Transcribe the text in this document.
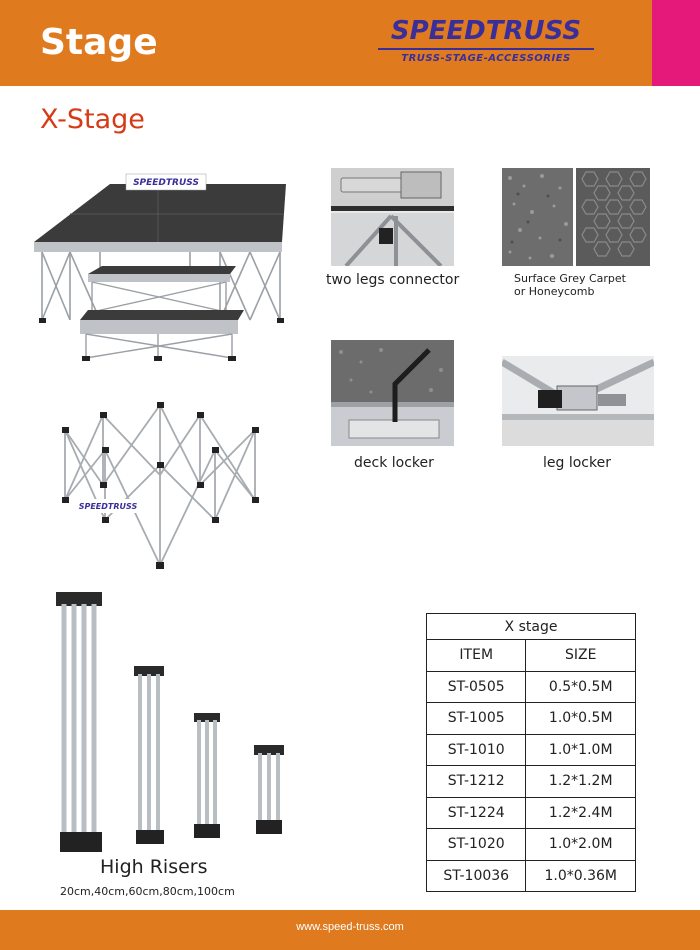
Stage	SPEEDTRUSS
TRUSS-STAGE-ACCESSORIES
X-Stage
SPEEDTRUSS
SPEEDTRUSS
two legs connector	Surface Grey Carpet
or Honeycomb
deck locker	leg locker
High Risers
20cm,40cm,60cm,80cm,100cm
X stage	
ITEM	SIZE
ST-0505	0.5*0.5M
ST-1005	1.0*0.5M
ST-1010	1.0*1.0M
ST-1212	1.2*1.2M
ST-1224	1.2*2.4M
ST-1020	1.0*2.0M
ST-10036	1.0*0.36M
www.speed-truss.com
